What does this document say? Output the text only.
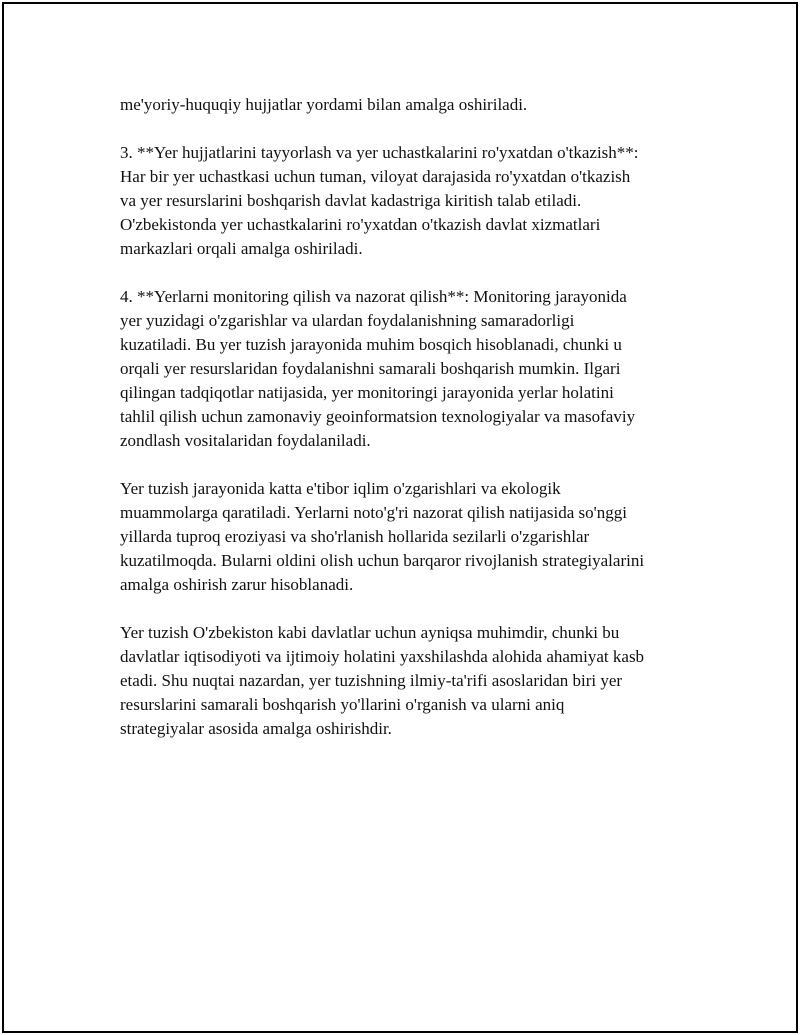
me'yoriy-huquqiy hujjatlar yordami bilan amalga oshiriladi.

3. **Yer hujjatlarini tayyorlash va yer uchastkalarini ro'yxatdan o'tkazish**:
Har bir yer uchastkasi uchun tuman, viloyat darajasida ro'yxatdan o'tkazish
va yer resurslarini boshqarish davlat kadastriga kiritish talab etiladi.
O'zbekistonda yer uchastkalarini ro'yxatdan o'tkazish davlat xizmatlari
markazlari orqali amalga oshiriladi.

4. **Yerlarni monitoring qilish va nazorat qilish**: Monitoring jarayonida
yer yuzidagi o'zgarishlar va ulardan foydalanishning samaradorligi
kuzatiladi. Bu yer tuzish jarayonida muhim bosqich hisoblanadi, chunki u
orqali yer resurslaridan foydalanishni samarali boshqarish mumkin. Ilgari
qilingan tadqiqotlar natijasida, yer monitoringi jarayonida yerlar holatini
tahlil qilish uchun zamonaviy geoinformatsion texnologiyalar va masofaviy
zondlash vositalaridan foydalaniladi.

Yer tuzish jarayonida katta e'tibor iqlim o'zgarishlari va ekologik
muammolarga qaratiladi. Yerlarni noto'g'ri nazorat qilish natijasida so'nggi
yillarda tuproq eroziyasi va sho'rlanish hollarida sezilarli o'zgarishlar
kuzatilmoqda. Bularni oldini olish uchun barqaror rivojlanish strategiyalarini
amalga oshirish zarur hisoblanadi.

Yer tuzish O'zbekiston kabi davlatlar uchun ayniqsa muhimdir, chunki bu
davlatlar iqtisodiyoti va ijtimoiy holatini yaxshilashda alohida ahamiyat kasb
etadi. Shu nuqtai nazardan, yer tuzishning ilmiy-ta'rifi asoslaridan biri yer
resurslarini samarali boshqarish yo'llarini o'rganish va ularni aniq
strategiyalar asosida amalga oshirishdir.
